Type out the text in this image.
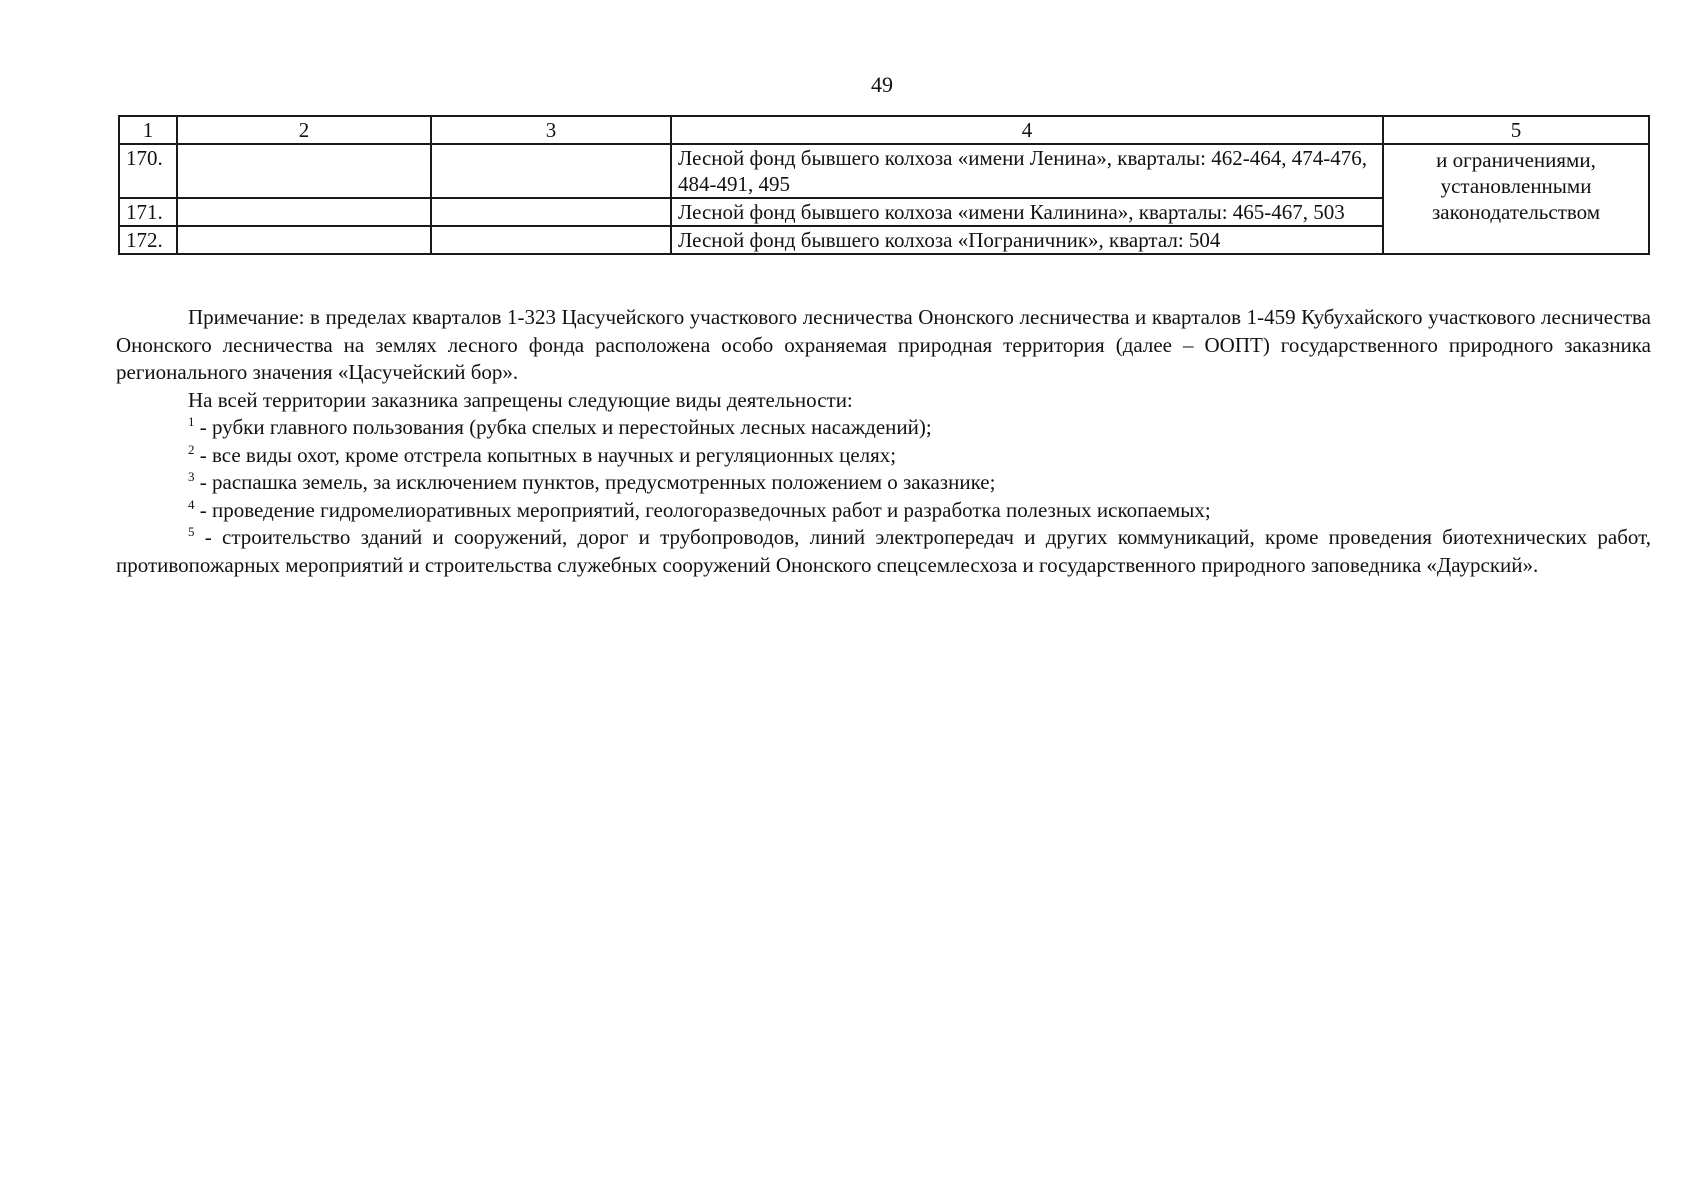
49
1	2	3	4	5
170.			Лесной фонд бывшего колхоза «имени Ленина», кварталы: 462-464, 474-476, 484-491, 495	и ограничениями, установленными законодательством
171.			Лесной фонд бывшего колхоза «имени Калинина», кварталы: 465-467, 503	
172.			Лесной фонд бывшего колхоза «Пограничник», квартал: 504	

Примечание: в пределах кварталов 1-323 Цасучейского участкового лесничества Ононского лесничества и кварталов 1-459 Кубухайского участкового лесничества Ононского лесничества на землях лесного фонда расположена особо охраняемая природная территория (далее – ООПТ) государственного природного заказника регионального значения «Цасучейский бор».

На всей территории заказника запрещены следующие виды деятельности:

$^1$ - рубки главного пользования (рубка спелых и перестойных лесных насаждений);

$^2$ - все виды охот, кроме отстрела копытных в научных и регуляционных целях;

$^3$ - распашка земель, за исключением пунктов, предусмотренных положением о заказнике;

$^4$ - проведение гидромелиоративных мероприятий, геологоразведочных работ и разработка полезных ископаемых;

$^5$ - строительство зданий и сооружений, дорог и трубопроводов, линий электропередач и других коммуникаций, кроме проведения биотехнических работ, противопожарных мероприятий и строительства служебных сооружений Ононского спецсемлесхоза и государственного природного заповедника «Даурский».
